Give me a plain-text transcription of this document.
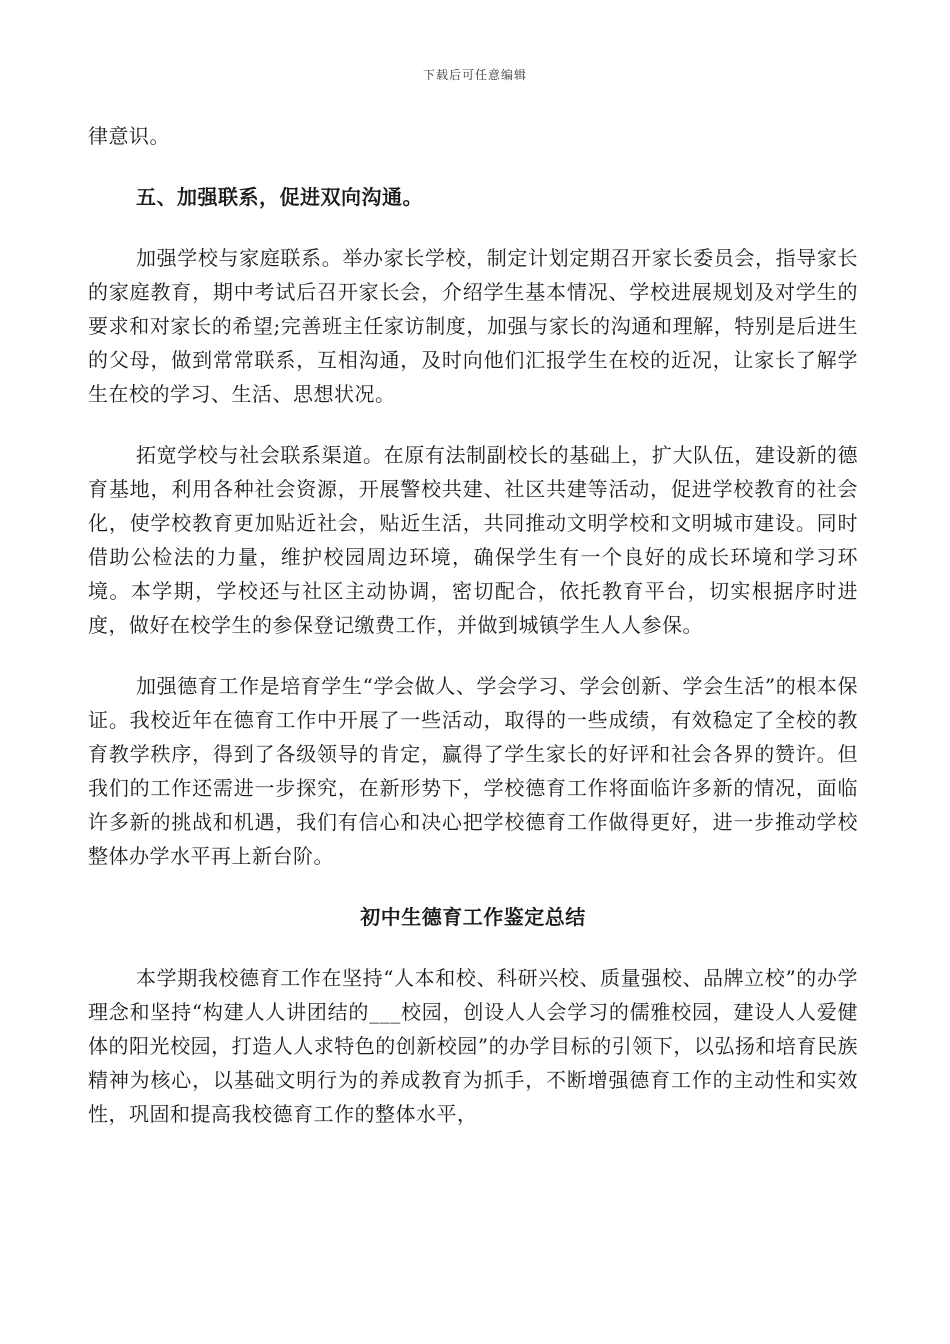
下载后可任意编辑

律意识。

五、加强联系，促进双向沟通。

加强学校与家庭联系。举办家长学校，制定计划定期召开家长委员会，指导家长的家庭教育，期中考试后召开家长会，介绍学生基本情况、学校进展规划及对学生的要求和对家长的希望;完善班主任家访制度，加强与家长的沟通和理解，特别是后进生的父母，做到常常联系，互相沟通，及时向他们汇报学生在校的近况，让家长了解学生在校的学习、生活、思想状况。

拓宽学校与社会联系渠道。在原有法制副校长的基础上，扩大队伍，建设新的德育基地，利用各种社会资源，开展警校共建、社区共建等活动，促进学校教育的社会化，使学校教育更加贴近社会，贴近生活，共同推动文明学校和文明城市建设。同时借助公检法的力量，维护校园周边环境，确保学生有一个良好的成长环境和学习环境。本学期，学校还与社区主动协调，密切配合，依托教育平台，切实根据序时进度，做好在校学生的参保登记缴费工作，并做到城镇学生人人参保。

加强德育工作是培育学生“学会做人、学会学习、学会创新、学会生活”的根本保证。我校近年在德育工作中开展了一些活动，取得的一些成绩，有效稳定了全校的教育教学秩序，得到了各级领导的肯定，赢得了学生家长的好评和社会各界的赞许。但我们的工作还需进一步探究，在新形势下，学校德育工作将面临许多新的情况，面临许多新的挑战和机遇，我们有信心和决心把学校德育工作做得更好，进一步推动学校整体办学水平再上新台阶。

初中生德育工作鉴定总结

本学期我校德育工作在坚持“人本和校、科研兴校、质量强校、品牌立校”的办学理念和坚持“构建人人讲团结的___校园，创设人人会学习的儒雅校园，建设人人爱健体的阳光校园，打造人人求特色的创新校园”的办学目标的引领下，以弘扬和培育民族精神为核心，以基础文明行为的养成教育为抓手，不断增强德育工作的主动性和实效性，巩固和提高我校德育工作的整体水平，
